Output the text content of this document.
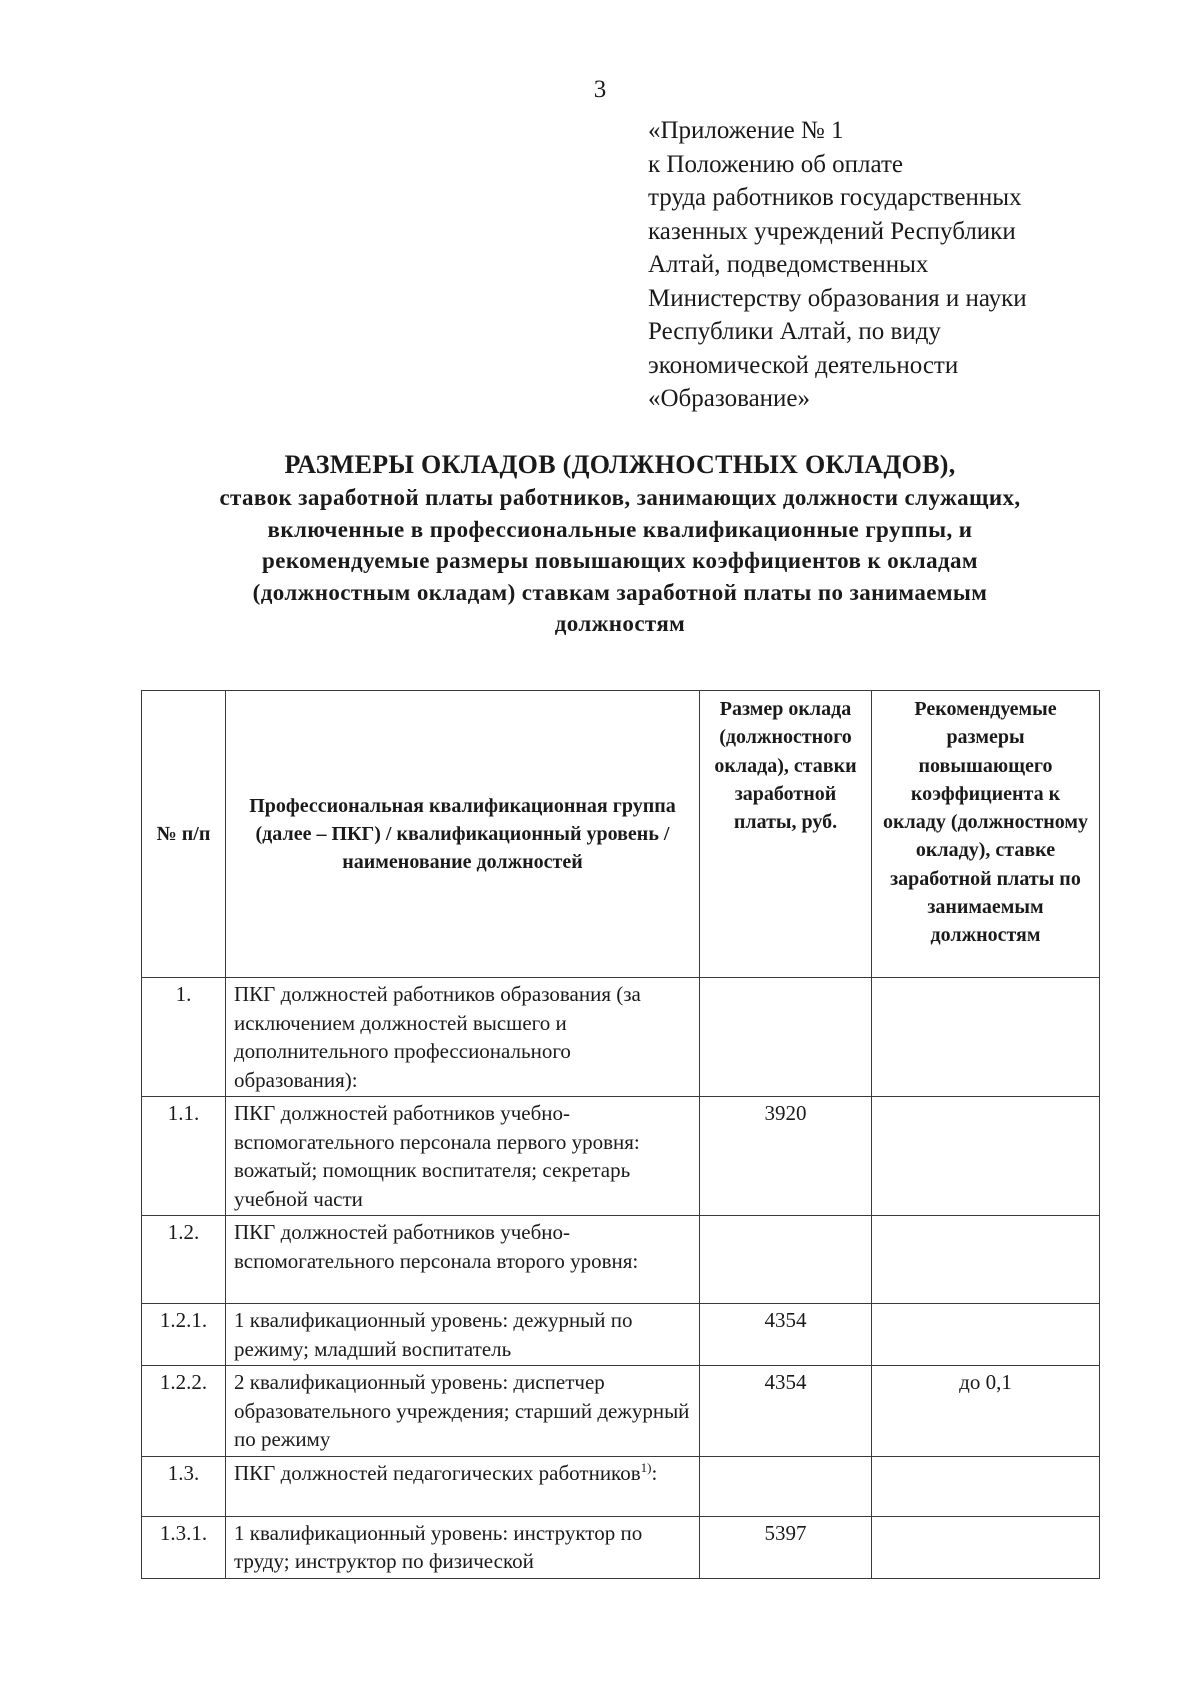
3
«Приложение № 1
к Положению об оплате
труда работников государственных
казенных учреждений Республики
Алтай, подведомственных
Министерству образования и науки
Республики Алтай, по виду
экономической деятельности
«Образование»
РАЗМЕРЫ ОКЛАДОВ (ДОЛЖНОСТНЫХ ОКЛАДОВ),
ставок заработной платы работников, занимающих должности служащих,
включенные в профессиональные квалификационные группы, и
рекомендуемые размеры повышающих коэффициентов к окладам
(должностным окладам) ставкам заработной платы по занимаемым
должностям
№ п/п	Профессиональная квалификационная группа (далее – ПКГ) / квалификационный уровень / наименование должностей	Размер оклада (должностного оклада), ставки заработной платы, руб.	Рекомендуемые размеры повышающего коэффициента к окладу (должностному окладу), ставке заработной платы по занимаемым должностям
1.	ПКГ должностей работников образования (за исключением должностей высшего и дополнительного профессионального образования):		
1.1.	ПКГ должностей работников учебно-вспомогательного персонала первого уровня: вожатый; помощник воспитателя; секретарь учебной части	3920	
1.2.	ПКГ должностей работников учебно-вспомогательного персонала второго уровня:		
1.2.1.	1 квалификационный уровень: дежурный по режиму; младший воспитатель	4354	
1.2.2.	2 квалификационный уровень: диспетчер образовательного учреждения; старший дежурный по режиму	4354	до 0,1
1.3.	ПКГ должностей педагогических работников$^{1)}$:		
1.3.1.	1 квалификационный уровень: инструктор по труду; инструктор по физической	5397	
